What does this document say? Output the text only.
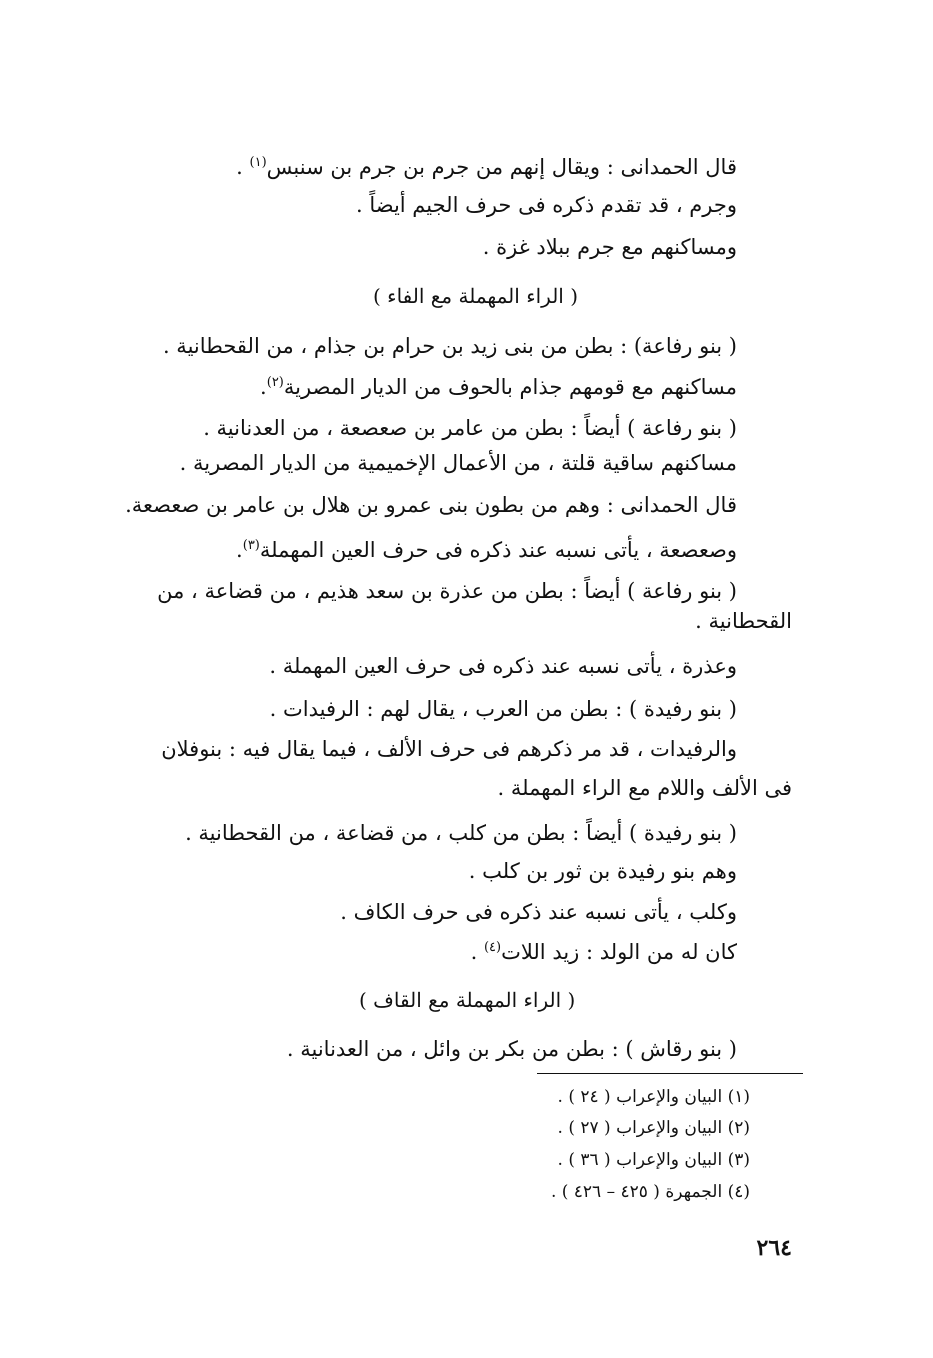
قال الحمدانى : ويقال إنهم من جرم بن جرم بن سنبس$^{(١)}$ .
وجرم ، قد تقدم ذكره فى حرف الجيم أيضاً .
ومساكنهم مع جرم ببلاد غزة .
( الراء المهملة مع الفاء )
( بنو رفاعة) : بطن من بنى زيد بن حرام بن جذام ، من القحطانية .
مساكنهم مع قومهم جذام بالحوف من الديار المصرية$^{(٢)}$.
( بنو رفاعة ) أيضاً : بطن من عامر بن صعصعة ، من العدنانية .
مساكنهم ساقية قلتة ، من الأعمال الإخميمية من الديار المصرية .
قال الحمدانى : وهم من بطون بنى عمرو بن هلال بن عامر بن صعصعة.
وصعصعة ، يأتى نسبه عند ذكره فى حرف العين المهملة$^{(٣)}$.
( بنو رفاعة ) أيضاً : بطن من عذرة بن سعد هذيم ، من قضاعة ، من
القحطانية .
وعذرة ، يأتى نسبه عند ذكره فى حرف العين المهملة .
( بنو رفيدة ) : بطن من العرب ، يقال لهم : الرفيدات .
والرفيدات ، قد مر ذكرهم فى حرف الألف ، فيما يقال فيه : بنوفلان
فى الألف واللام مع الراء المهملة .
( بنو رفيدة ) أيضاً : بطن من كلب ، من قضاعة ، من القحطانية .
وهم بنو رفيدة بن ثور بن كلب .
وكلب ، يأتى نسبه عند ذكره فى حرف الكاف .
كان له من الولد : زيد اللات$^{(٤)}$ .
( الراء المهملة مع القاف )
( بنو رقاش ) : بطن من بكر بن وائل ، من العدنانية .
(١) البيان والإعراب ( ٢٤ ) .
(٢) البيان والإعراب ( ٢٧ ) .
(٣) البيان والإعراب ( ٣٦ ) .
(٤) الجمهرة ( ٤٢٥ – ٤٢٦ ) .
٢٦٤
